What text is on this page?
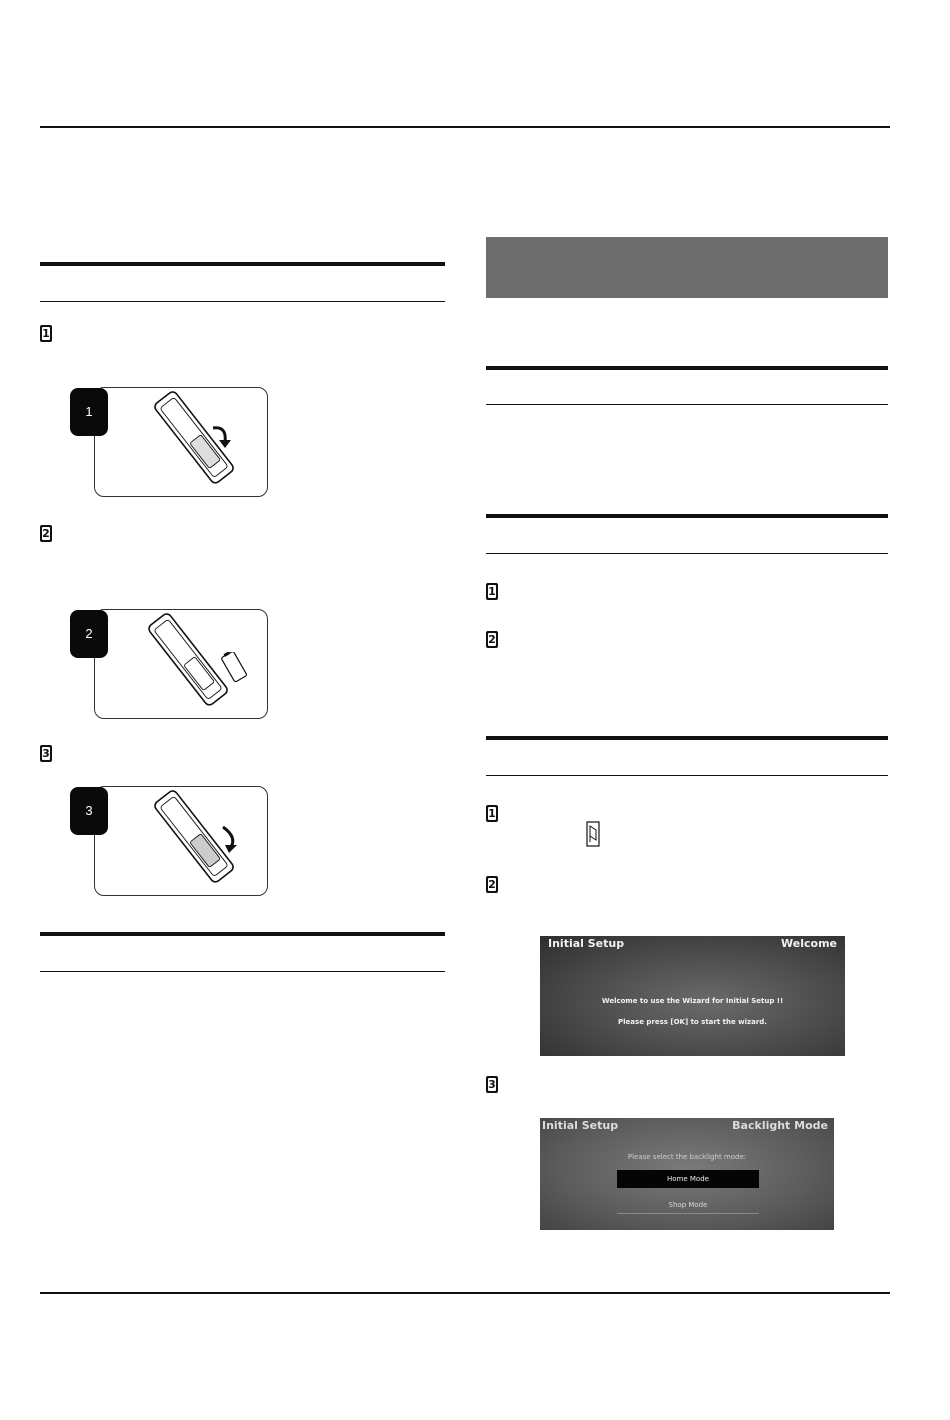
1
1
2
2
3
3
1
2
1
2
Initial Setup	Welcome
Welcome to use the Wizard for Initial Setup !!
Please press [OK] to start the wizard.
3
Initial Setup	Backlight Mode
Please select the backlight mode:
Home Mode
Shop Mode
